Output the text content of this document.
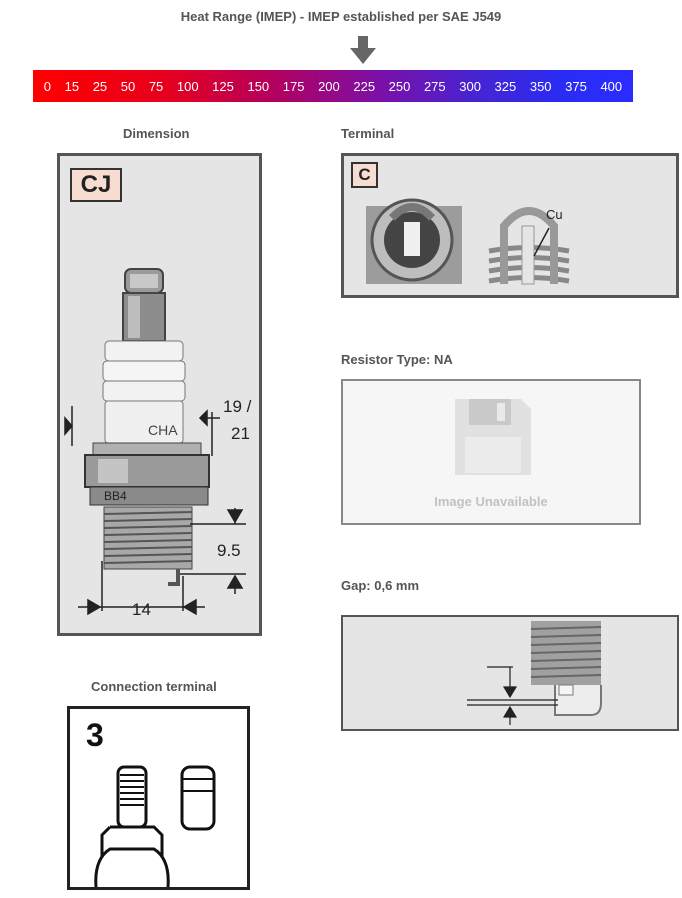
Heat Range (IMEP) - IMEP established per SAE J549
0 15 25 50 75 100 125 150 175 200 225 250 275 300 325 350 375 400
Dimension
CJ
CHA
BB4
19 /
21
9.5
14
Terminal
C
Cu
Resistor Type: NA
Image Unavailable
Gap: 0,6 mm
Connection terminal
3
